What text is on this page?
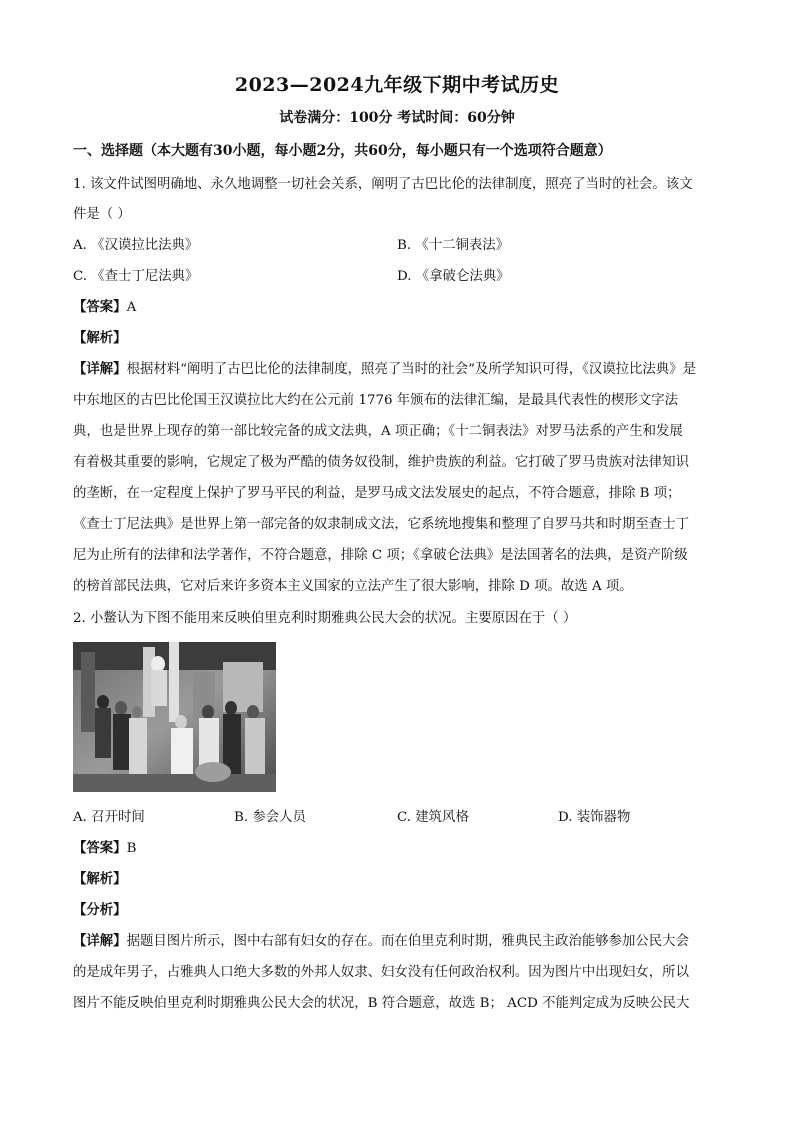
2023—2024九年级下期中考试历史
试卷满分：100分 考试时间：60分钟
一、选择题（本大题有30小题，每小题2分，共60分，每小题只有一个选项符合题意）
1. 该文件试图明确地、永久地调整一切社会关系，阐明了古巴比伦的法律制度，照亮了当时的社会。该文
件是（ ）
A. 《汉谟拉比法典》	B. 《十二铜表法》
C. 《查士丁尼法典》	D. 《拿破仑法典》
【答案】A
【解析】
【详解】根据材料“阐明了古巴比伦的法律制度，照亮了当时的社会”及所学知识可得，《汉谟拉比法典》是
中东地区的古巴比伦国王汉谟拉比大约在公元前 1776 年颁布的法律汇编，是最具代表性的楔形文字法
典，也是世界上现存的第一部比较完备的成文法典，A 项正确；《十二铜表法》对罗马法系的产生和发展
有着极其重要的影响，它规定了极为严酷的债务奴役制，维护贵族的利益。它打破了罗马贵族对法律知识
的垄断，在一定程度上保护了罗马平民的利益，是罗马成文法发展史的起点，不符合题意，排除 B 项；
《查士丁尼法典》是世界上第一部完备的奴隶制成文法，它系统地搜集和整理了自罗马共和时期至查士丁
尼为止所有的法律和法学著作，不符合题意，排除 C 项；《拿破仑法典》是法国著名的法典，是资产阶级
的榜首部民法典，它对后来许多资本主义国家的立法产生了很大影响，排除 D 项。故选 A 项。
2. 小鳖认为下图不能用来反映伯里克利时期雅典公民大会的状况。主要原因在于（ ）
A. 召开时间	B. 参会人员	C. 建筑风格	D. 装饰器物
【答案】B
【解析】
【分析】
【详解】据题目图片所示，图中右部有妇女的存在。而在伯里克利时期，雅典民主政治能够参加公民大会
的是成年男子，占雅典人口绝大多数的外邦人奴隶、妇女没有任何政治权利。因为图片中出现妇女，所以
图片不能反映伯里克利时期雅典公民大会的状况，B 符合题意，故选 B； ACD 不能判定成为反映公民大
